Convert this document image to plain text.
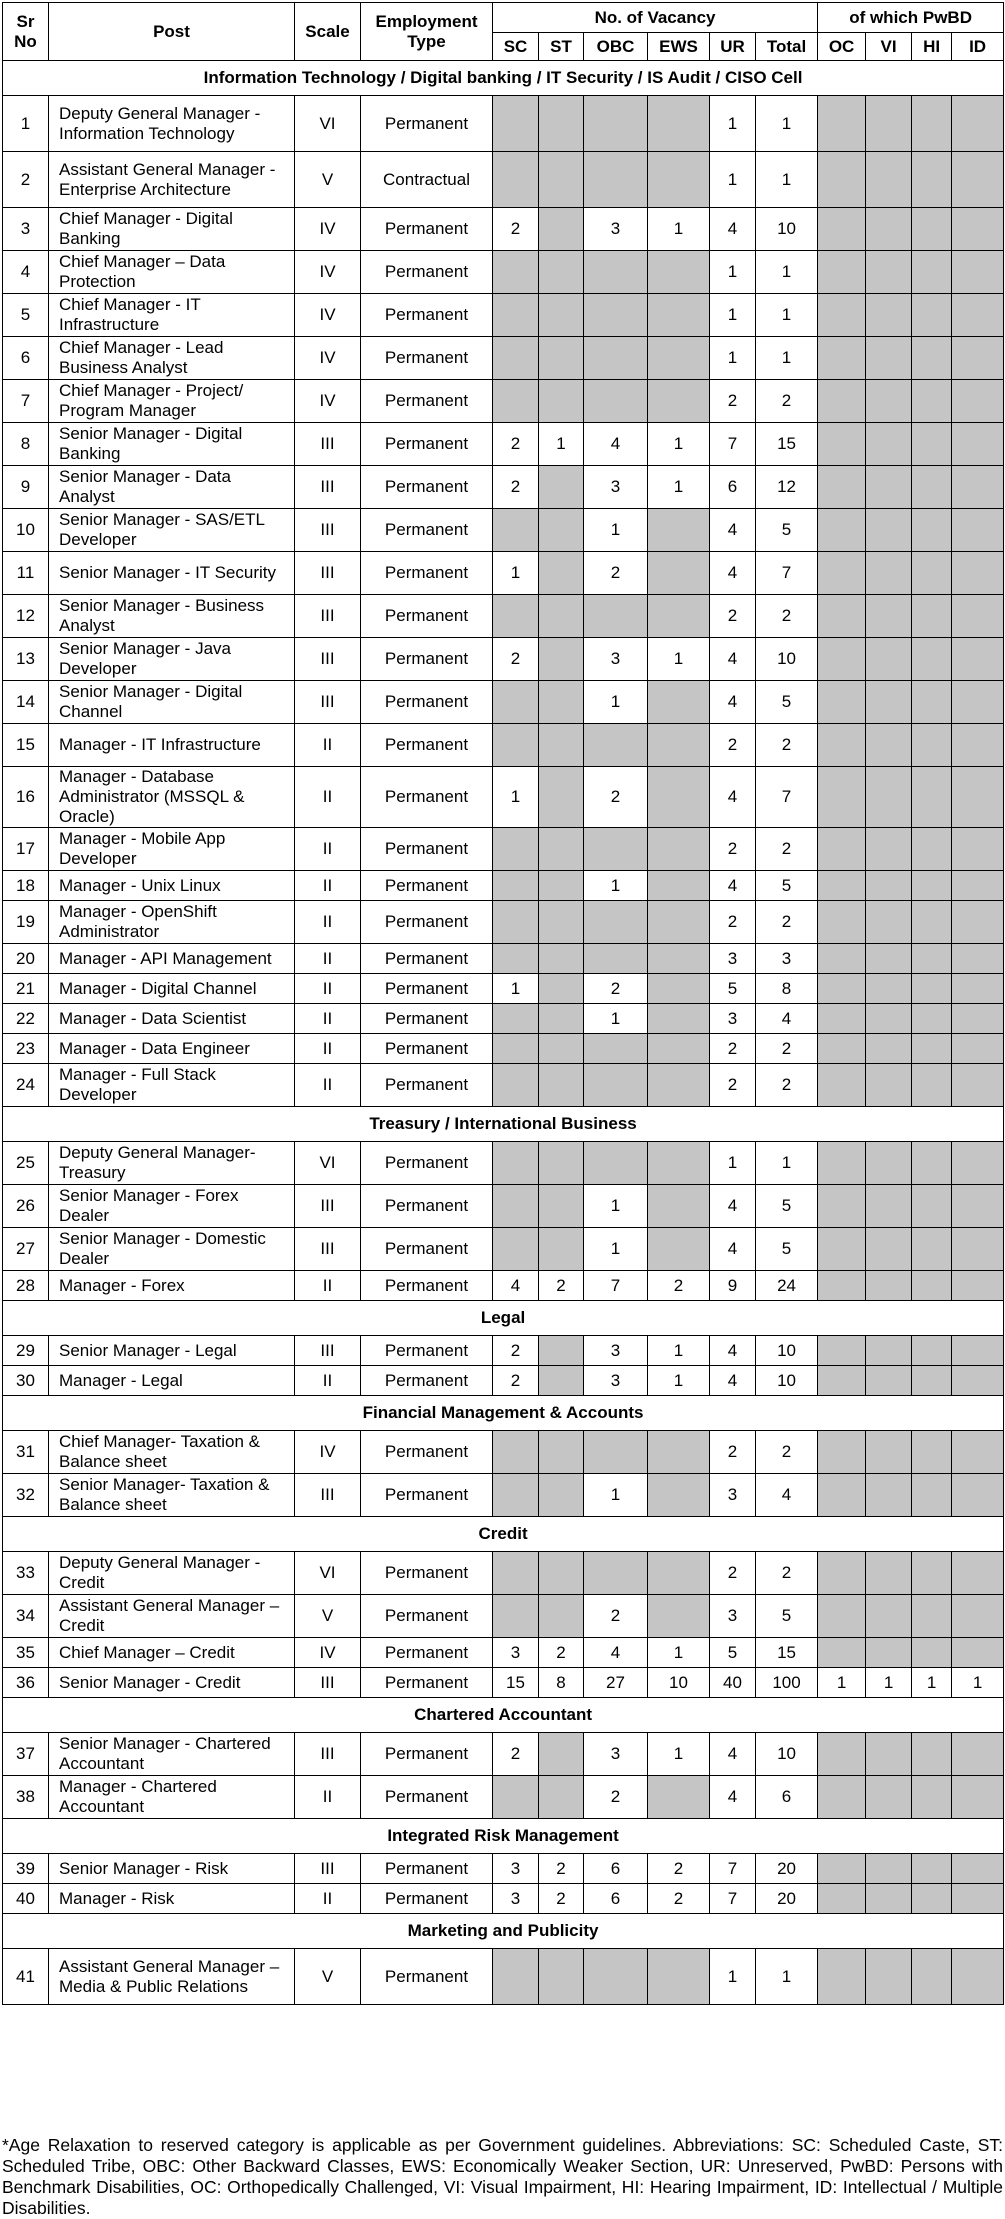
Sr No	Post	Scale	Employment Type	No. of Vacancy						of which PwBD			
				SC	ST	OBC	EWS	UR	Total	OC	VI	HI	ID
Information Technology / Digital banking / IT Security / IS Audit / CISO Cell													
1	Deputy General Manager - Information Technology	VI	Permanent					1	1				
2	Assistant General Manager - Enterprise Architecture	V	Contractual					1	1				
3	Chief Manager - Digital Banking	IV	Permanent	2		3	1	4	10				
4	Chief Manager – Data Protection	IV	Permanent					1	1				
5	Chief Manager - IT Infrastructure	IV	Permanent					1	1				
6	Chief Manager - Lead Business Analyst	IV	Permanent					1	1				
7	Chief Manager - Project/ Program Manager	IV	Permanent					2	2				
8	Senior Manager - Digital Banking	III	Permanent	2	1	4	1	7	15				
9	Senior Manager - Data Analyst	III	Permanent	2		3	1	6	12				
10	Senior Manager - SAS/ETL Developer	III	Permanent			1		4	5				
11	Senior Manager - IT Security	III	Permanent	1		2		4	7				
12	Senior Manager - Business Analyst	III	Permanent					2	2				
13	Senior Manager - Java Developer	III	Permanent	2		3	1	4	10				
14	Senior Manager - Digital Channel	III	Permanent			1		4	5				
15	Manager - IT Infrastructure	II	Permanent					2	2				
16	Manager - Database Administrator (MSSQL & Oracle)	II	Permanent	1		2		4	7				
17	Manager - Mobile App Developer	II	Permanent					2	2				
18	Manager - Unix Linux	II	Permanent			1		4	5				
19	Manager - OpenShift Administrator	II	Permanent					2	2				
20	Manager - API Management	II	Permanent					3	3				
21	Manager - Digital Channel	II	Permanent	1		2		5	8				
22	Manager - Data Scientist	II	Permanent			1		3	4				
23	Manager - Data Engineer	II	Permanent					2	2				
24	Manager - Full Stack Developer	II	Permanent					2	2				
Treasury / International Business													
25	Deputy General Manager- Treasury	VI	Permanent					1	1				
26	Senior Manager - Forex Dealer	III	Permanent			1		4	5				
27	Senior Manager - Domestic Dealer	III	Permanent			1		4	5				
28	Manager - Forex	II	Permanent	4	2	7	2	9	24				
Legal													
29	Senior Manager - Legal	III	Permanent	2		3	1	4	10				
30	Manager - Legal	II	Permanent	2		3	1	4	10				
Financial Management & Accounts													
31	Chief Manager- Taxation & Balance sheet	IV	Permanent					2	2				
32	Senior Manager- Taxation & Balance sheet	III	Permanent			1		3	4				
Credit													
33	Deputy General Manager - Credit	VI	Permanent					2	2				
34	Assistant General Manager – Credit	V	Permanent			2		3	5				
35	Chief Manager – Credit	IV	Permanent	3	2	4	1	5	15				
36	Senior Manager - Credit	III	Permanent	15	8	27	10	40	100	1	1	1	1
Chartered Accountant													
37	Senior Manager - Chartered Accountant	III	Permanent	2		3	1	4	10				
38	Manager - Chartered Accountant	II	Permanent			2		4	6				
Integrated Risk Management													
39	Senior Manager - Risk	III	Permanent	3	2	6	2	7	20				
40	Manager - Risk	II	Permanent	3	2	6	2	7	20				
Marketing and Publicity													
41	Assistant General Manager – Media & Public Relations	V	Permanent					1	1				

*Age Relaxation to reserved category is applicable as per Government guidelines. Abbreviations: SC: Scheduled Caste, ST: Scheduled Tribe, OBC: Other Backward Classes, EWS: Economically Weaker Section, UR: Unreserved, PwBD: Persons with Benchmark Disabilities, OC: Orthopedically Challenged, VI: Visual Impairment, HI: Hearing Impairment, ID: Intellectual / Multiple Disabilities.
